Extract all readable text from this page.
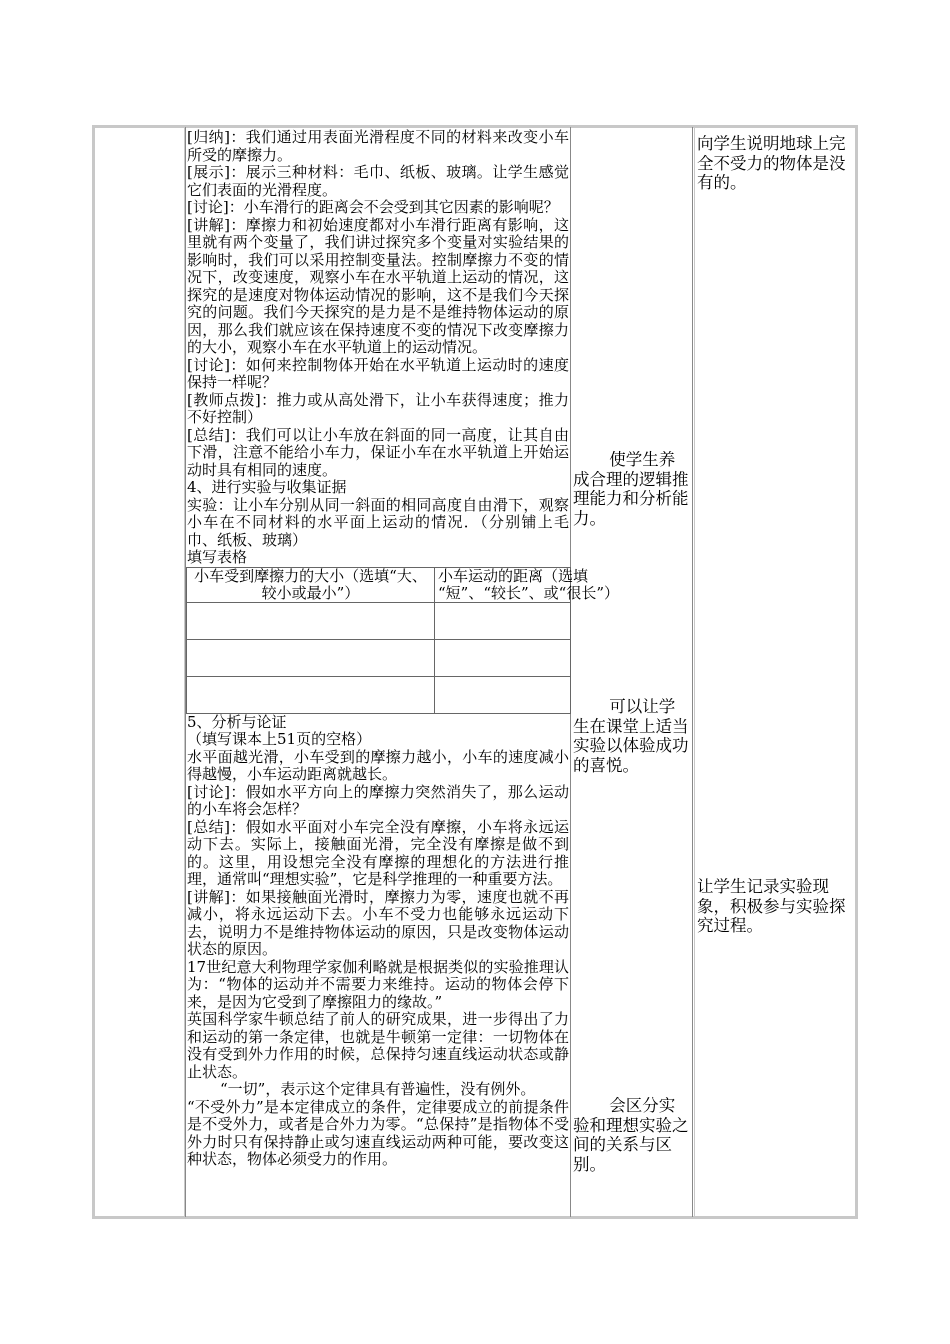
[归纳]：我们通过用表面光滑程度不同的材料来改变小车所受的摩擦力。

[展示]：展示三种材料：毛巾、纸板、玻璃。让学生感觉它们表面的光滑程度。

[讨论]：小车滑行的距离会不会受到其它因素的影响呢？

[讲解]：摩擦力和初始速度都对小车滑行距离有影响，这里就有两个变量了，我们讲过探究多个变量对实验结果的影响时，我们可以采用控制变量法。控制摩擦力不变的情况下，改变速度，观察小车在水平轨道上运动的情况，这探究的是速度对物体运动情况的影响，这不是我们今天探究的问题。我们今天探究的是力是不是维持物体运动的原因，那么我们就应该在保持速度不变的情况下改变摩擦力的大小，观察小车在水平轨道上的运动情况。

[讨论]：如何来控制物体开始在水平轨道上运动时的速度保持一样呢？

[教师点拨]：推力或从高处滑下，让小车获得速度；推力不好控制）

[总结]：我们可以让小车放在斜面的同一高度，让其自由下滑，注意不能给小车力，保证小车在水平轨道上开始运动时具有相同的速度。

4、进行实验与收集证据

实验：让小车分别从同一斜面的相同高度自由滑下，观察小车在不同材料的水平面上运动的情况．（分别铺上毛巾、纸板、玻璃）

填写表格

小车受到摩擦力的大小（选填“大、较小或最小”）	小车运动的距离（选填
“短”、“较长”、或“很长”）

5、分析与论证

（填写课本上51页的空格）

水平面越光滑，小车受到的摩擦力越小，小车的速度减小得越慢，小车运动距离就越长。

[讨论]：假如水平方向上的摩擦力突然消失了，那么运动的小车将会怎样？

[总结]：假如水平面对小车完全没有摩擦，小车将永远运动下去。实际上，接触面光滑，完全没有摩擦是做不到的。这里，用设想完全没有摩擦的理想化的方法进行推理，通常叫“理想实验”，它是科学推理的一种重要方法。

[讲解]：如果接触面光滑时，摩擦力为零，速度也就不再减小，将永远运动下去。小车不受力也能够永远运动下去，说明力不是维持物体运动的原因，只是改变物体运动状态的原因。

17世纪意大利物理学家伽利略就是根据类似的实验推理认为：“物体的运动并不需要力来维持。运动的物体会停下来，是因为它受到了摩擦阻力的缘故。”

英国科学家牛顿总结了前人的研究成果，进一步得出了力和运动的第一条定律，也就是牛顿第一定律：一切物体在没有受到外力作用的时候，总保持匀速直线运动状态或静止状态。

“一切”，表示这个定律具有普遍性，没有例外。

“不受外力”是本定律成立的条件，定律要成立的前提条件是不受外力，或者是合外力为零。“总保持”是指物体不受外力时只有保持静止或匀速直线运动两种可能，要改变这种状态，物体必须受力的作用。

使学生养成合理的逻辑推理能力和分析能力。
可以让学生在课堂上适当实验以体验成功的喜悦。
会区分实验和理想实验之间的关系与区别。
向学生说明地球上完全不受力的物体是没有的。
让学生记录实验现象，积极参与实验探究过程。
